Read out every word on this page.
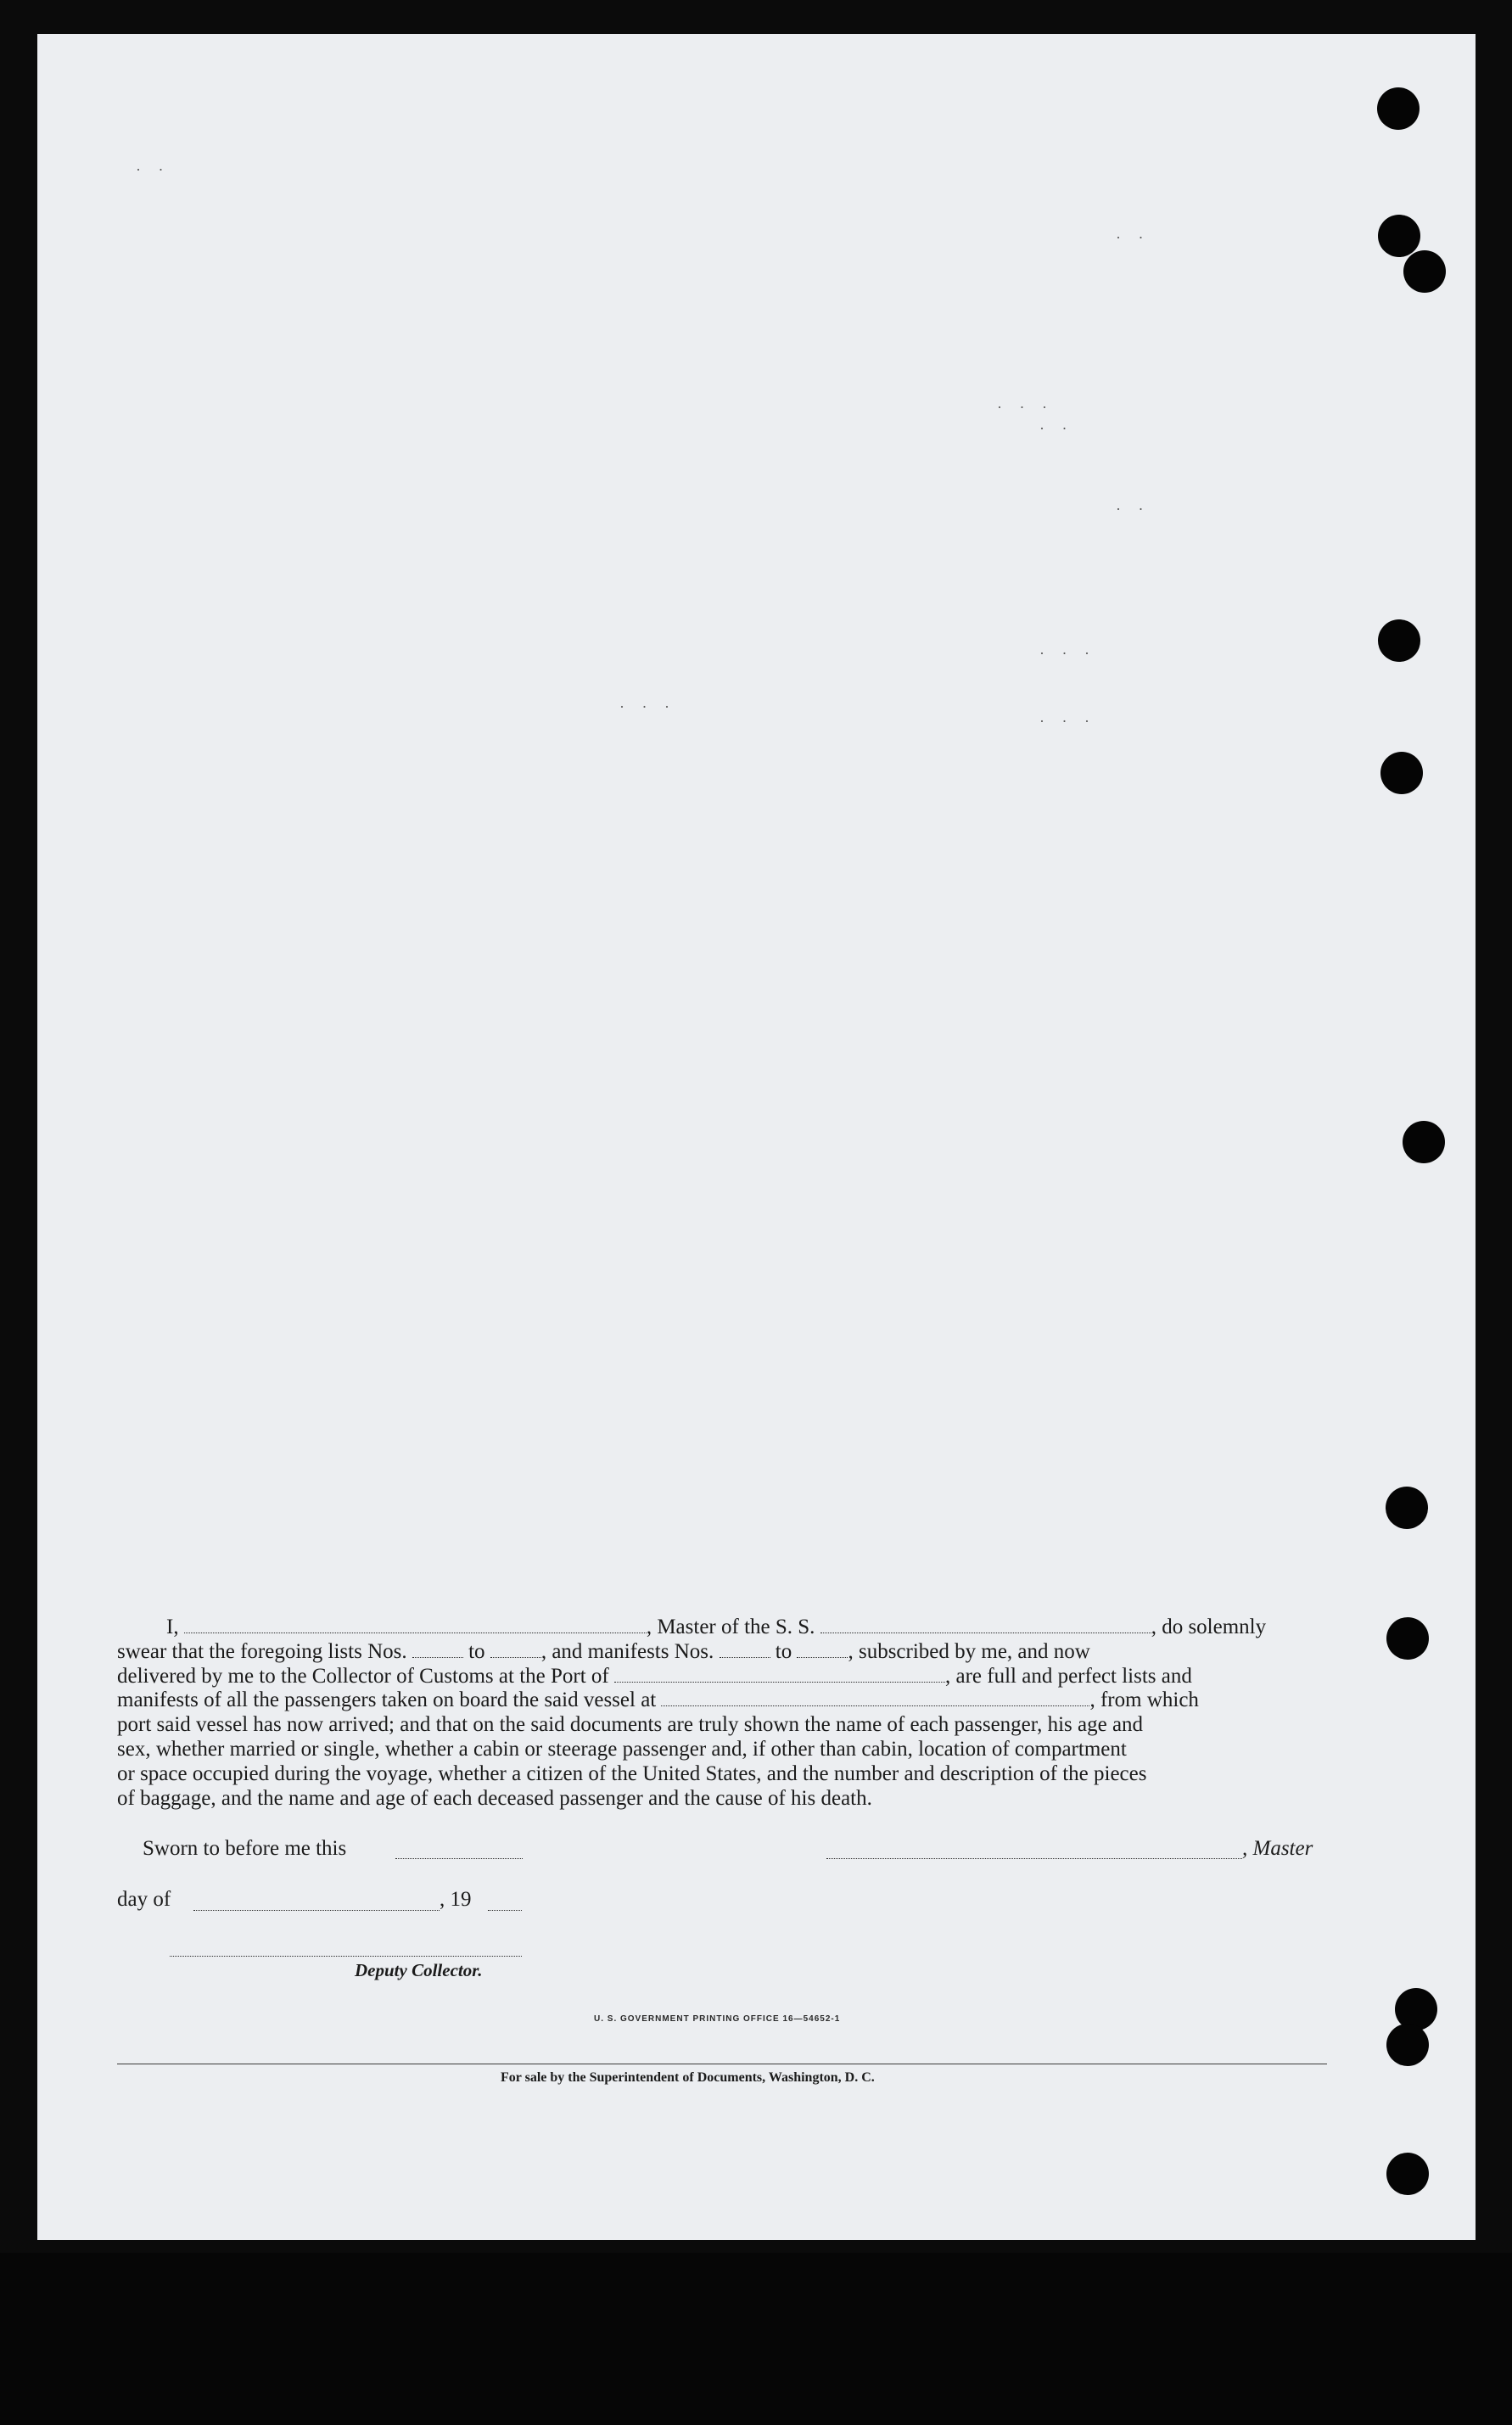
· ·
· ·
· · ·
· ·
· ·
· · ·
· · ·
· · ·
I,	, Master of the S. S.	, do solemnly
swear that the foregoing lists Nos.  to , and manifests Nos.  to , subscribed by me, and now
delivered by me to the Collector of Customs at the Port of	, are full and perfect lists and
manifests of all the passengers taken on board the said vessel at	, from which
port said vessel has now arrived; and that on the said documents are truly shown the name of each passenger, his age and
sex, whether married or single, whether a cabin or steerage passenger and, if other than cabin, location of compartment
or space occupied during the voyage, whether a citizen of the United States, and the number and description of the pieces
of baggage, and the name and age of each deceased passenger and the cause of his death.
Sworn to before me this	, Master
day of	, 19
Deputy Collector.
U. S. GOVERNMENT PRINTING OFFICE 16—54652-1
For sale by the Superintendent of Documents, Washington, D. C.
